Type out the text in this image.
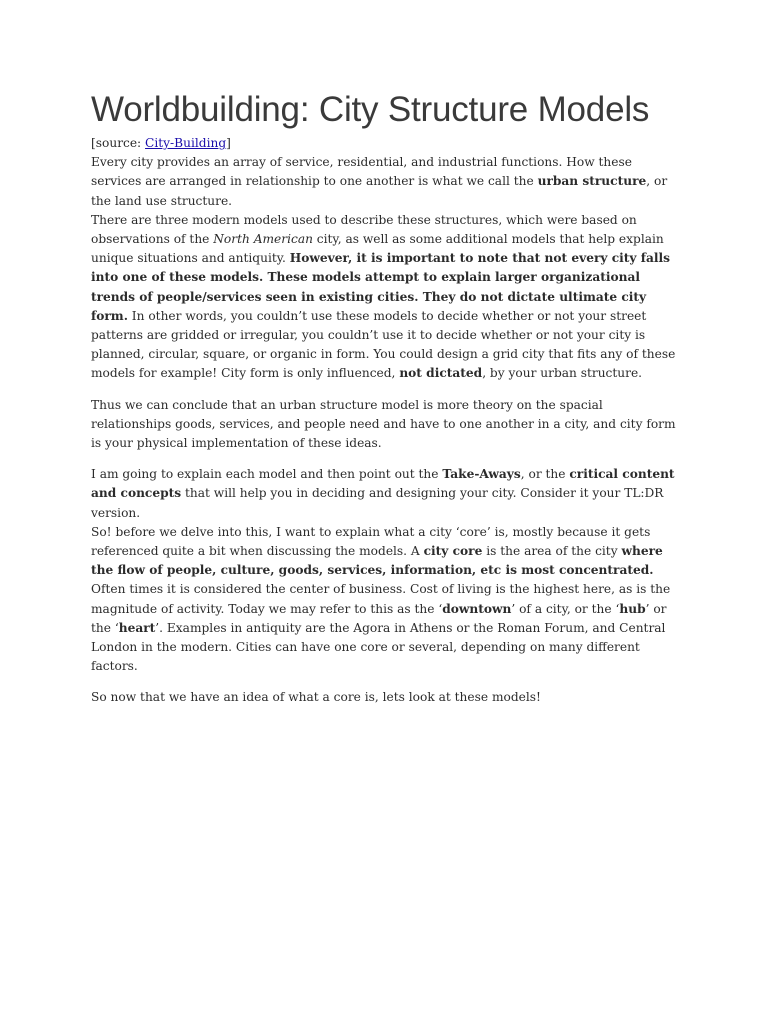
Worldbuilding: City Structure Models

[source: City-Building]

Every city provides an array of service, residential, and industrial functions. How these services are arranged in relationship to one another is what we call the urban structure, or the land use structure.

There are three modern models used to describe these structures, which were based on observations of the North American city, as well as some additional models that help explain unique situations and antiquity. However, it is important to note that not every city falls into one of these models. These models attempt to explain larger organizational trends of people/services seen in existing cities. They do not dictate ultimate city form. In other words, you couldn’t use these models to decide whether or not your street patterns are gridded or irregular, you couldn’t use it to decide whether or not your city is planned, circular, square, or organic in form. You could design a grid city that fits any of these models for example! City form is only influenced, not dictated, by your urban structure.

Thus we can conclude that an urban structure model is more theory on the spacial relationships goods, services, and people need and have to one another in a city, and city form is your physical implementation of these ideas.

I am going to explain each model and then point out the Take-Aways, or the critical content and concepts that will help you in deciding and designing your city. Consider it your TL:DR version.

So! before we delve into this, I want to explain what a city ‘core’ is, mostly because it gets referenced quite a bit when discussing the models. A city core is the area of the city where the flow of people, culture, goods, services, information, etc is most concentrated. Often times it is considered the center of business. Cost of living is the highest here, as is the magnitude of activity. Today we may refer to this as the ‘downtown’ of a city, or the ‘hub’ or the ‘heart’. Examples in antiquity are the Agora in Athens or the Roman Forum, and Central London in the modern. Cities can have one core or several, depending on many different factors.

So now that we have an idea of what a core is, lets look at these models!
